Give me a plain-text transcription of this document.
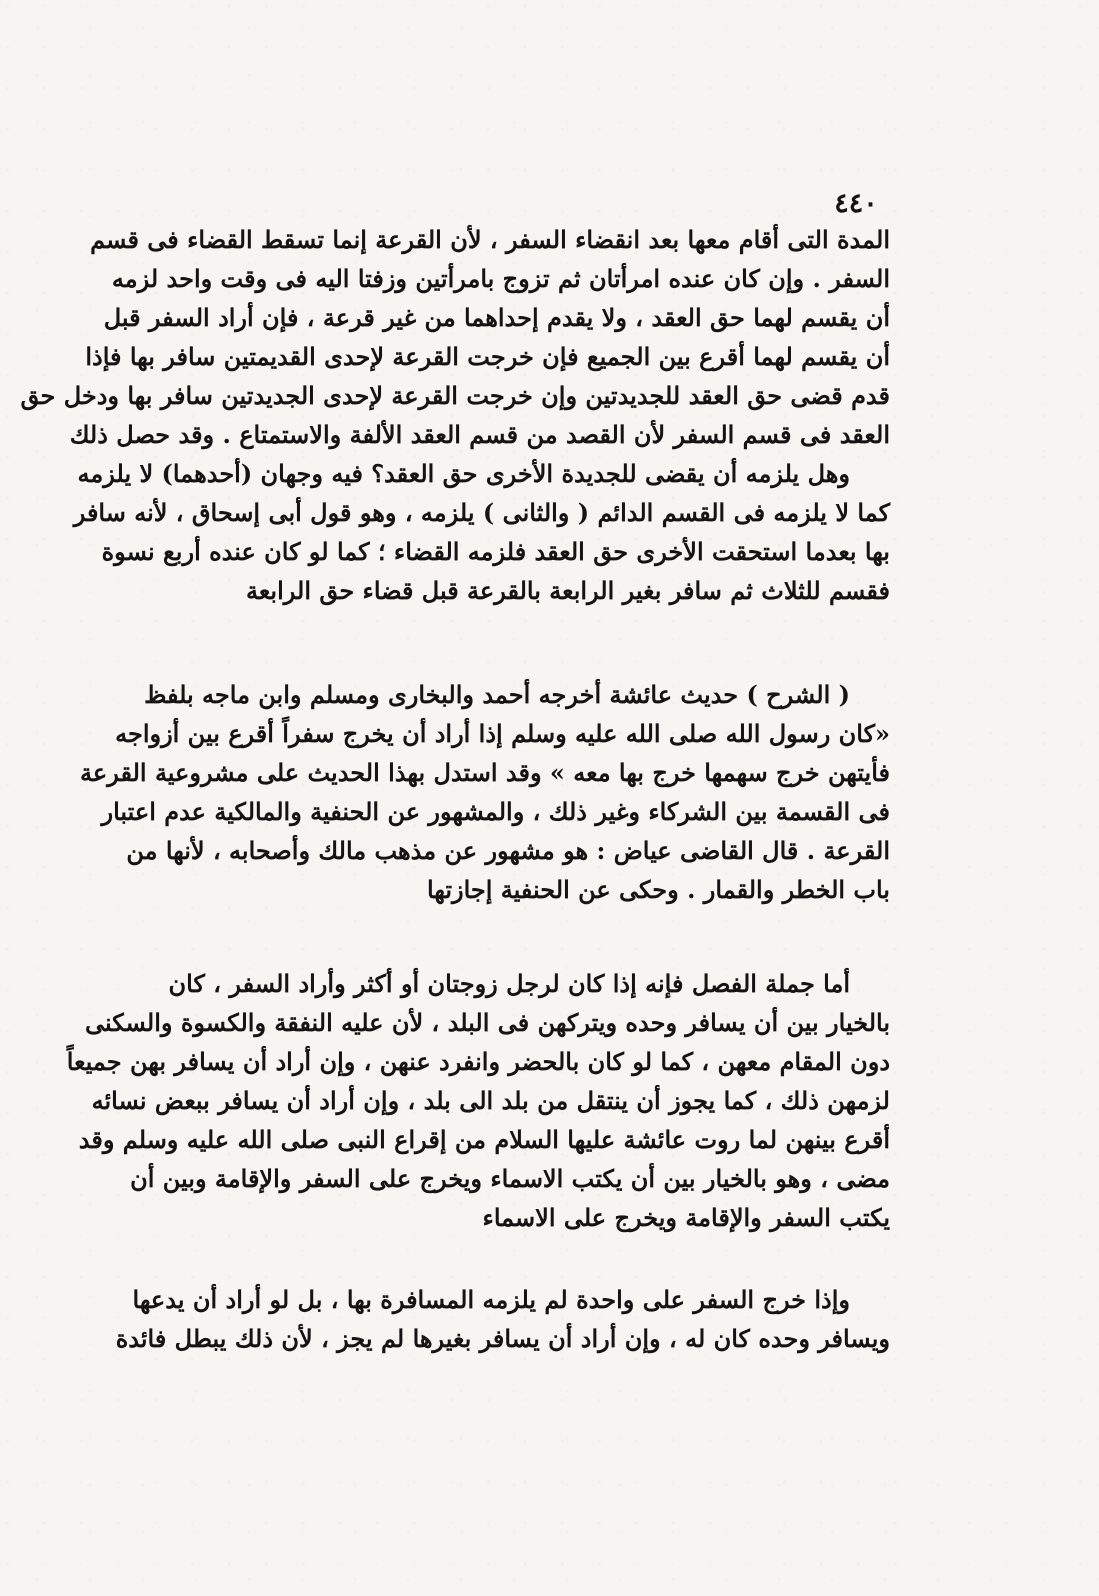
٤٤٠
المدة التى أقام معها بعد انقضاء السفر ، لأن القرعة إنما تسقط القضاء فى قسم
السفر . وإن كان عنده امرأتان ثم تزوج بامرأتين وزفتا اليه فى وقت واحد لزمه
أن يقسم لهما حق العقد ، ولا يقدم إحداهما من غير قرعة ، فإن أراد السفر قبل
أن يقسم لهما أقرع بين الجميع فإن خرجت القرعة لإحدى القديمتين سافر بها فإذا
قدم قضى حق العقد للجديدتين وإن خرجت القرعة لإحدى الجديدتين سافر بها ودخل حق
العقد فى قسم السفر لأن القصد من قسم العقد الألفة والاستمتاع . وقد حصل ذلك
وهل يلزمه أن يقضى للجديدة الأخرى حق العقد؟ فيه وجهان (أحدهما) لا يلزمه
كما لا يلزمه فى القسم الدائم ( والثانى ) يلزمه ، وهو قول أبى إسحاق ، لأنه سافر
بها بعدما استحقت الأخرى حق العقد فلزمه القضاء ؛ كما لو كان عنده أربع نسوة
فقسم للثلاث ثم سافر بغير الرابعة بالقرعة قبل قضاء حق الرابعة
( الشرح ) حديث عائشة أخرجه أحمد والبخارى ومسلم وابن ماجه بلفظ
«كان رسول الله صلى الله عليه وسلم إذا أراد أن يخرج سفراً أقرع بين أزواجه
فأيتهن خرج سهمها خرج بها معه » وقد استدل بهذا الحديث على مشروعية القرعة
فى القسمة بين الشركاء وغير ذلك ، والمشهور عن الحنفية والمالكية عدم اعتبار
القرعة . قال القاضى عياض : هو مشهور عن مذهب مالك وأصحابه ، لأنها من
باب الخطر والقمار . وحكى عن الحنفية إجازتها
أما جملة الفصل فإنه إذا كان لرجل زوجتان أو أكثر وأراد السفر ، كان
بالخيار بين أن يسافر وحده ويتركهن فى البلد ، لأن عليه النفقة والكسوة والسكنى
دون المقام معهن ، كما لو كان بالحضر وانفرد عنهن ، وإن أراد أن يسافر بهن جميعاً
لزمهن ذلك ، كما يجوز أن ينتقل من بلد الى بلد ، وإن أراد أن يسافر ببعض نسائه
أقرع بينهن لما روت عائشة عليها السلام من إقراع النبى صلى الله عليه وسلم وقد
مضى ، وهو بالخيار بين أن يكتب الاسماء ويخرج على السفر والإقامة وبين أن
يكتب السفر والإقامة ويخرج على الاسماء
وإذا خرج السفر على واحدة لم يلزمه المسافرة بها ، بل لو أراد أن يدعها
ويسافر وحده كان له ، وإن أراد أن يسافر بغيرها لم يجز ، لأن ذلك يبطل فائدة
